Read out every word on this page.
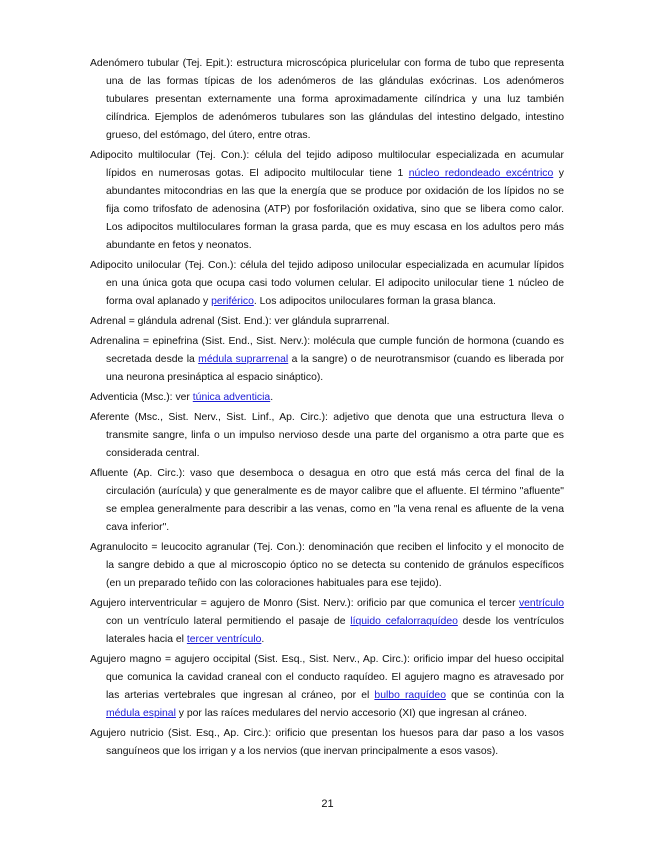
Adenómero tubular (Tej. Epit.): estructura microscópica pluricelular con forma de tubo que representa una de las formas típicas de los adenómeros de las glándulas exócrinas. Los adenómeros tubulares presentan externamente una forma aproximadamente cilíndrica y una luz también cilíndrica. Ejemplos de adenómeros tubulares son las glándulas del intestino delgado, intestino grueso, del estómago, del útero, entre otras.

Adipocito multilocular (Tej. Con.): célula del tejido adiposo multilocular especializada en acumular lípidos en numerosas gotas. El adipocito multilocular tiene 1 núcleo redondeado excéntrico y abundantes mitocondrias en las que la energía que se produce por oxidación de los lípidos no se fija como trifosfato de adenosina (ATP) por fosforilación oxidativa, sino que se libera como calor. Los adipocitos multiloculares forman la grasa parda, que es muy escasa en los adultos pero más abundante en fetos y neonatos.

Adipocito unilocular (Tej. Con.): célula del tejido adiposo unilocular especializada en acumular lípidos en una única gota que ocupa casi todo volumen celular. El adipocito unilocular tiene 1 núcleo de forma oval aplanado y periférico. Los adipocitos uniloculares forman la grasa blanca.

Adrenal = glándula adrenal (Sist. End.): ver glándula suprarrenal.

Adrenalina = epinefrina (Sist. End., Sist. Nerv.): molécula que cumple función de hormona (cuando es secretada desde la médula suprarrenal a la sangre) o de neurotransmisor (cuando es liberada por una neurona presináptica al espacio sináptico).

Adventicia (Msc.): ver túnica adventicia.

Aferente (Msc., Sist. Nerv., Sist. Linf., Ap. Circ.): adjetivo que denota que una estructura lleva o transmite sangre, linfa o un impulso nervioso desde una parte del organismo a otra parte que es considerada central.

Afluente (Ap. Circ.): vaso que desemboca o desagua en otro que está más cerca del final de la circulación (aurícula) y que generalmente es de mayor calibre que el afluente. El término "afluente" se emplea generalmente para describir a las venas, como en "la vena renal es afluente de la vena cava inferior".

Agranulocito = leucocito agranular (Tej. Con.): denominación que reciben el linfocito y el monocito de la sangre debido a que al microscopio óptico no se detecta su contenido de gránulos específicos (en un preparado teñido con las coloraciones habituales para ese tejido).

Agujero interventricular = agujero de Monro (Sist. Nerv.): orificio par que comunica el tercer ventrículo con un ventrículo lateral permitiendo el pasaje de líquido cefalorraquídeo desde los ventrículos laterales hacia el tercer ventrículo.

Agujero magno = agujero occipital (Sist. Esq., Sist. Nerv., Ap. Circ.): orificio impar del hueso occipital que comunica la cavidad craneal con el conducto raquídeo. El agujero magno es atravesado por las arterias vertebrales que ingresan al cráneo, por el bulbo raquídeo que se continúa con la médula espinal y por las raíces medulares del nervio accesorio (XI) que ingresan al cráneo.

Agujero nutricio (Sist. Esq., Ap. Circ.): orificio que presentan los huesos para dar paso a los vasos sanguíneos que los irrigan y a los nervios (que inervan principalmente a esos vasos).

21
